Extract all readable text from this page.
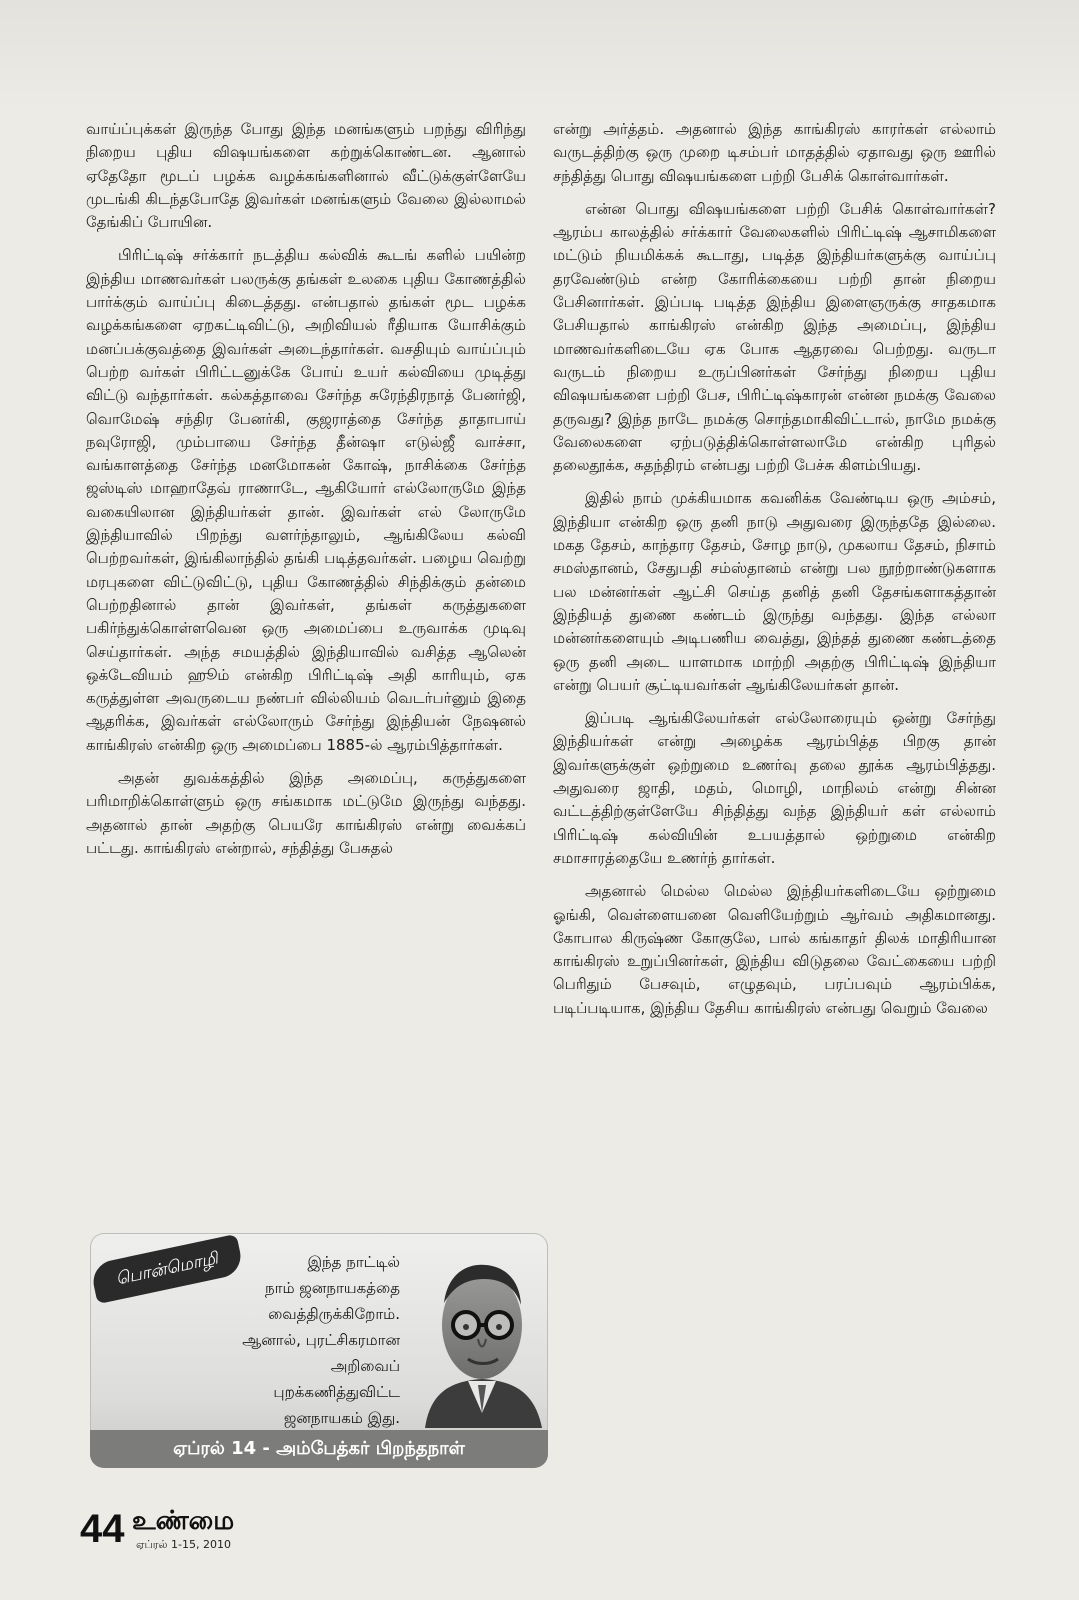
வாய்ப்புக்கள் இருந்த போது இந்த மனங்களும் பறந்து விரிந்து நிறைய புதிய விஷயங்களை கற்றுக்கொண்டன. ஆனால் ஏதேதோ மூடப் பழக்க வழக்கங்களினால் வீட்டுக்குள்ளேயே முடங்கி கிடந்தபோதே இவர்கள் மனங்களும் வேலை இல்லாமல் தேங்கிப் போயின.

பிரிட்டிஷ் சர்க்கார் நடத்திய கல்விக் கூடங் களில் பயின்ற இந்திய மாணவர்கள் பலருக்கு தங்கள் உலகை புதிய கோணத்தில் பார்க்கும் வாய்ப்பு கிடைத்தது. என்பதால் தங்கள் மூட பழக்க வழக்கங்களை ஏறகட்டிவிட்டு, அறிவியல் ரீதியாக யோசிக்கும் மனப்பக்குவத்தை இவர்கள் அடைந்தார்கள். வசதியும் வாய்ப்பும் பெற்ற வர்கள் பிரிட்டனுக்கே போய் உயர் கல்வியை முடித்து விட்டு வந்தார்கள். கல்கத்தாவை சேர்ந்த சுரேந்திரநாத் பேனர்ஜி, வொமேஷ் சந்திர பேனர்கி, குஜராத்தை சேர்ந்த தாதாபாய் நவுரோஜி, மும்பாயை சேர்ந்த தீன்ஷா எடுல்ஜீ வாச்சா, வங்காளத்தை சேர்ந்த மனமோகன் கோஷ், நாசிக்கை சேர்ந்த ஜஸ்டிஸ் மாஹாதேவ் ராணாடே, ஆகியோர் எல்லோருமே இந்த வகையிலான இந்தியர்கள் தான். இவர்கள் எல் லோருமே இந்தியாவில் பிறந்து வளர்ந்தாலும், ஆங்கிலேய கல்வி பெற்றவர்கள், இங்கிலாந்தில் தங்கி படித்தவர்கள். பழைய வெற்று மரபுகளை விட்டுவிட்டு, புதிய கோணத்தில் சிந்திக்கும் தன்மை பெற்றதினால் தான் இவர்கள், தங்கள் கருத்துகளை பகிர்ந்துக்கொள்ளவென ஒரு அமைப்பை உருவாக்க முடிவு செய்தார்கள். அந்த சமயத்தில் இந்தியாவில் வசித்த ஆலென் ஒக்டேவியம் ஹூம் என்கிற பிரிட்டிஷ் அதி காரியும், ஏக கருத்துள்ள அவருடைய நண்பர் வில்லியம் வெடர்பர்னும் இதை ஆதரிக்க, இவர்கள் எல்லோரும் சேர்ந்து இந்தியன் நேஷனல் காங்கிரஸ் என்கிற ஒரு அமைப்பை 1885-ல் ஆரம்பித்தார்கள்.

அதன் துவக்கத்தில் இந்த அமைப்பு, கருத்துகளை பரிமாறிக்கொள்ளும் ஒரு சங்கமாக மட்டுமே இருந்து வந்தது. அதனால் தான் அதற்கு பெயரே காங்கிரஸ் என்று வைக்கப் பட்டது. காங்கிரஸ் என்றால், சந்தித்து பேசுதல்

என்று அர்த்தம். அதனால் இந்த காங்கிரஸ் காரர்கள் எல்லாம் வருடத்திற்கு ஒரு முறை டிசம்பர் மாதத்தில் ஏதாவது ஒரு ஊரில் சந்தித்து பொது விஷயங்களை பற்றி பேசிக் கொள்வார்கள்.

என்ன பொது விஷயங்களை பற்றி பேசிக் கொள்வார்கள்? ஆரம்ப காலத்தில் சர்க்கார் வேலைகளில் பிரிட்டிஷ் ஆசாமிகளை மட்டும் நியமிக்கக் கூடாது, படித்த இந்தியர்களுக்கு வாய்ப்பு தரவேண்டும் என்ற கோரிக்கையை பற்றி தான் நிறைய பேசினார்கள். இப்படி படித்த இந்திய இளைஞருக்கு சாதகமாக பேசியதால் காங்கிரஸ் என்கிற இந்த அமைப்பு, இந்திய மாணவர்களிடையே ஏக போக ஆதரவை பெற்றது. வருடா வருடம் நிறைய உருப்பினர்கள் சேர்ந்து நிறைய புதிய விஷயங்களை பற்றி பேச, பிரிட்டிஷ்காரன் என்ன நமக்கு வேலை தருவது? இந்த நாடே நமக்கு சொந்தமாகிவிட்டால், நாமே நமக்கு வேலைகளை ஏற்படுத்திக்கொள்ளலாமே என்கிற புரிதல் தலைதூக்க, சுதந்திரம் என்பது பற்றி பேச்சு கிளம்பியது.

இதில் நாம் முக்கியமாக கவனிக்க வேண்டிய ஒரு அம்சம், இந்தியா என்கிற ஒரு தனி நாடு அதுவரை இருந்ததே இல்லை. மகத தேசம், காந்தார தேசம், சோழ நாடு, முகலாய தேசம், நிசாம் சமஸ்தானம், சேதுபதி சம்ஸ்தானம் என்று பல நூற்றாண்டுகளாக பல மன்னர்கள் ஆட்சி செய்த தனித் தனி தேசங்களாகத்தான் இந்தியத் துணை கண்டம் இருந்து வந்தது. இந்த எல்லா மன்னர்களையும் அடிபணிய வைத்து, இந்தத் துணை கண்டத்தை ஒரு தனி அடை யாளமாக மாற்றி அதற்கு பிரிட்டிஷ் இந்தியா என்று பெயர் சூட்டியவர்கள் ஆங்கிலேயர்கள் தான்.

இப்படி ஆங்கிலேயர்கள் எல்லோரையும் ஒன்று சேர்ந்து இந்தியர்கள் என்று அழைக்க ஆரம்பித்த பிறகு தான் இவர்களுக்குள் ஒற்றுமை உணர்வு தலை தூக்க ஆரம்பித்தது. அதுவரை ஜாதி, மதம், மொழி, மாநிலம் என்று சின்ன வட்டத்திற்குள்ளேயே சிந்தித்து வந்த இந்தியர் கள் எல்லாம் பிரிட்டிஷ் கல்வியின் உபயத்தால் ஒற்றுமை என்கிற சமாசாரத்தையே உணர்ந் தார்கள்.

அதனால் மெல்ல மெல்ல இந்தியர்களிடையே ஒற்றுமை ஓங்கி, வெள்ளையனை வெளியேற்றும் ஆர்வம் அதிகமானது. கோபால கிருஷ்ண கோகுலே, பால் கங்காதர் திலக் மாதிரியான காங்கிரஸ் உறுப்பினர்கள், இந்திய விடுதலை வேட்கையை பற்றி பெரிதும் பேசவும், எழுதவும், பரப்பவும் ஆரம்பிக்க, படிப்படியாக, இந்திய தேசிய காங்கிரஸ் என்பது வெறும் வேலை

பொன்மொழி	இந்த நாட்டில்
நாம் ஜனநாயகத்தை
வைத்திருக்கிறோம்.
ஆனால், புரட்சிகரமான
அறிவைப் புறக்கணித்துவிட்ட
ஜனநாயகம் இது.
ஏப்ரல் 14 - அம்பேத்கர் பிறந்தநாள்
44 உண்மை
ஏப்ரல் 1-15, 2010
